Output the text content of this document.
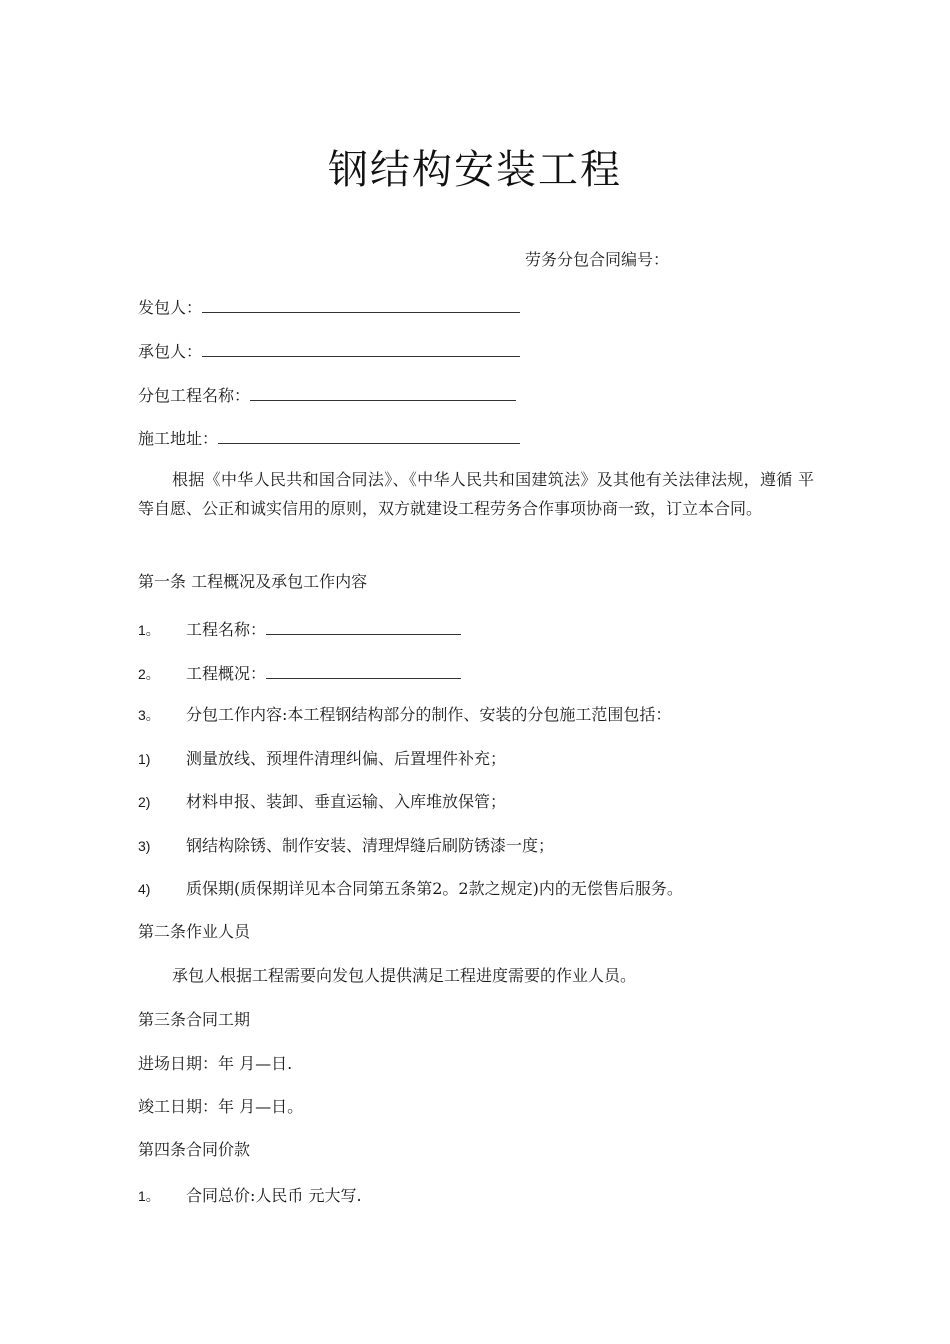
钢结构安装工程
劳务分包合同编号：
发包人：
承包人：
分包工程名称：
施工地址：
根据《中华人民共和国合同法》、《中华人民共和国建筑法》及其他有关法律法规，遵循 平等自愿、公正和诚实信用的原则，双方就建设工程劳务合作事项协商一致，订立本合同。
第一条 工程概况及承包工作内容
1。 工程名称：
2。 工程概况：
3。 分包工作内容:本工程钢结构部分的制作、安装的分包施工范围包括：
1) 测量放线、预埋件清理纠偏、后置埋件补充；
2) 材料申报、装卸、垂直运输、入库堆放保管；
3) 钢结构除锈、制作安装、清理焊缝后刷防锈漆一度；
4) 质保期(质保期详见本合同第五条第2。2款之规定)内的无偿售后服务。
第二条作业人员
承包人根据工程需要向发包人提供满足工程进度需要的作业人员。
第三条合同工期
进场日期：年 月—日.
竣工日期：年 月—日。
第四条合同价款
1。 合同总价:人民币 元大写.
